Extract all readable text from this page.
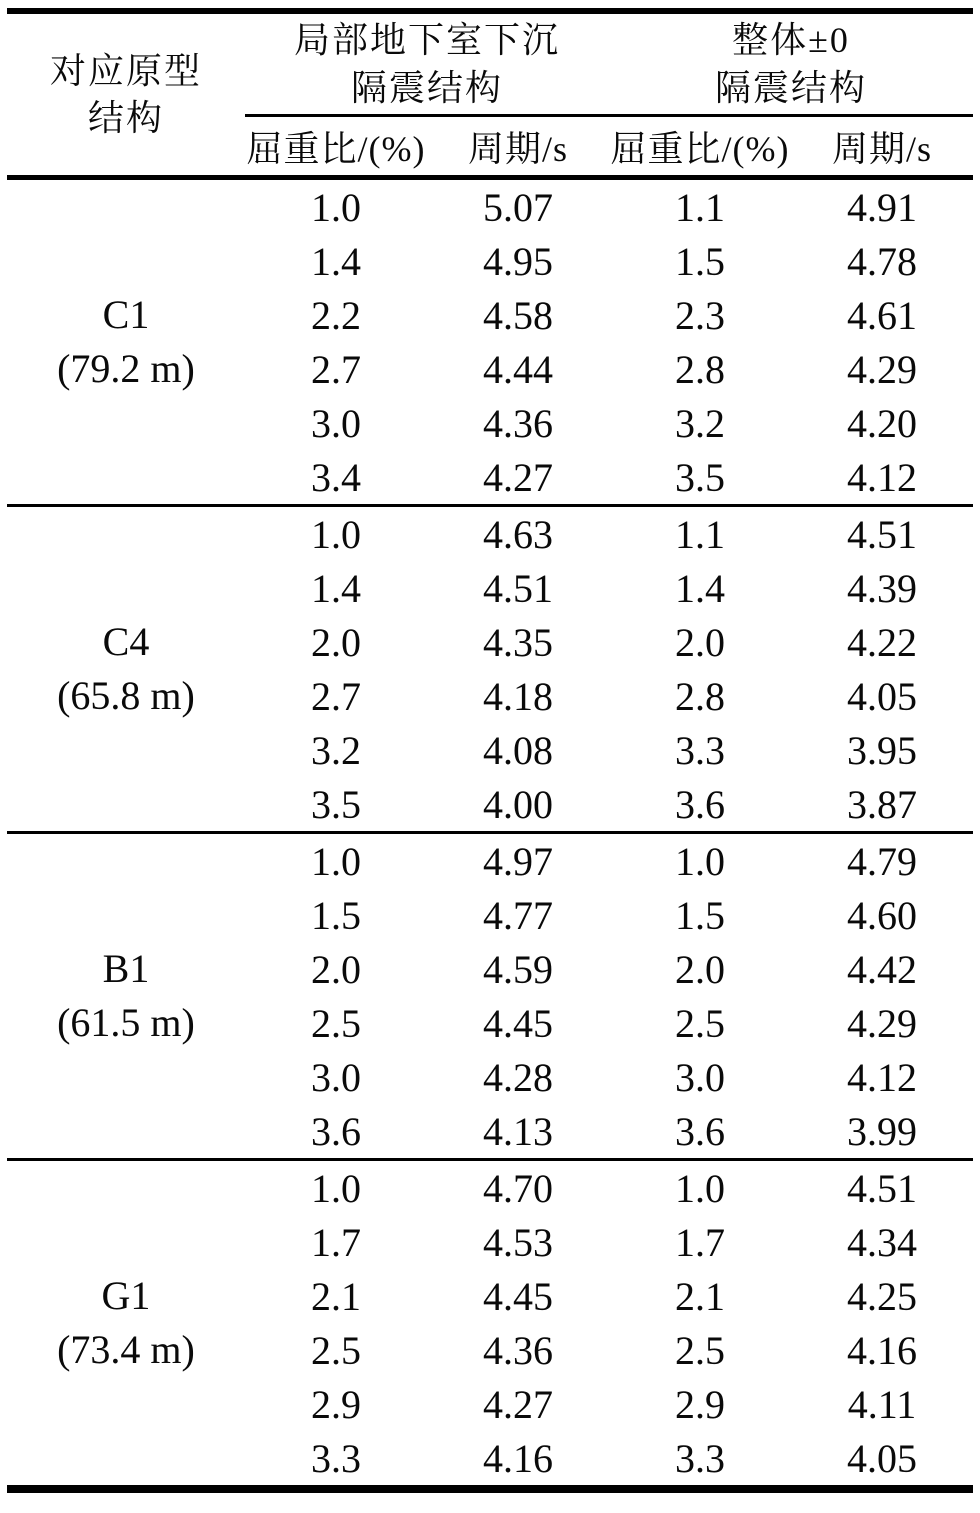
对应原型
结构

局部地下室下沉
隔震结构

整体±0
隔震结构

	屈重比/(%)	周期/s	屈重比/(%)	周期/s

C1
(79.2 m)	1.0	5.07	1.1	4.91
	1.4	4.95	1.5	4.78
	2.2	4.58	2.3	4.61
	2.7	4.44	2.8	4.29
	3.0	4.36	3.2	4.20
	3.4	4.27	3.5	4.12

C4
(65.8 m)	1.0	4.63	1.1	4.51
	1.4	4.51	1.4	4.39
	2.0	4.35	2.0	4.22
	2.7	4.18	2.8	4.05
	3.2	4.08	3.3	3.95
	3.5	4.00	3.6	3.87

B1
(61.5 m)	1.0	4.97	1.0	4.79
	1.5	4.77	1.5	4.60
	2.0	4.59	2.0	4.42
	2.5	4.45	2.5	4.29
	3.0	4.28	3.0	4.12
	3.6	4.13	3.6	3.99

G1
(73.4 m)	1.0	4.70	1.0	4.51
	1.7	4.53	1.7	4.34
	2.1	4.45	2.1	4.25
	2.5	4.36	2.5	4.16
	2.9	4.27	2.9	4.11
	3.3	4.16	3.3	4.05
